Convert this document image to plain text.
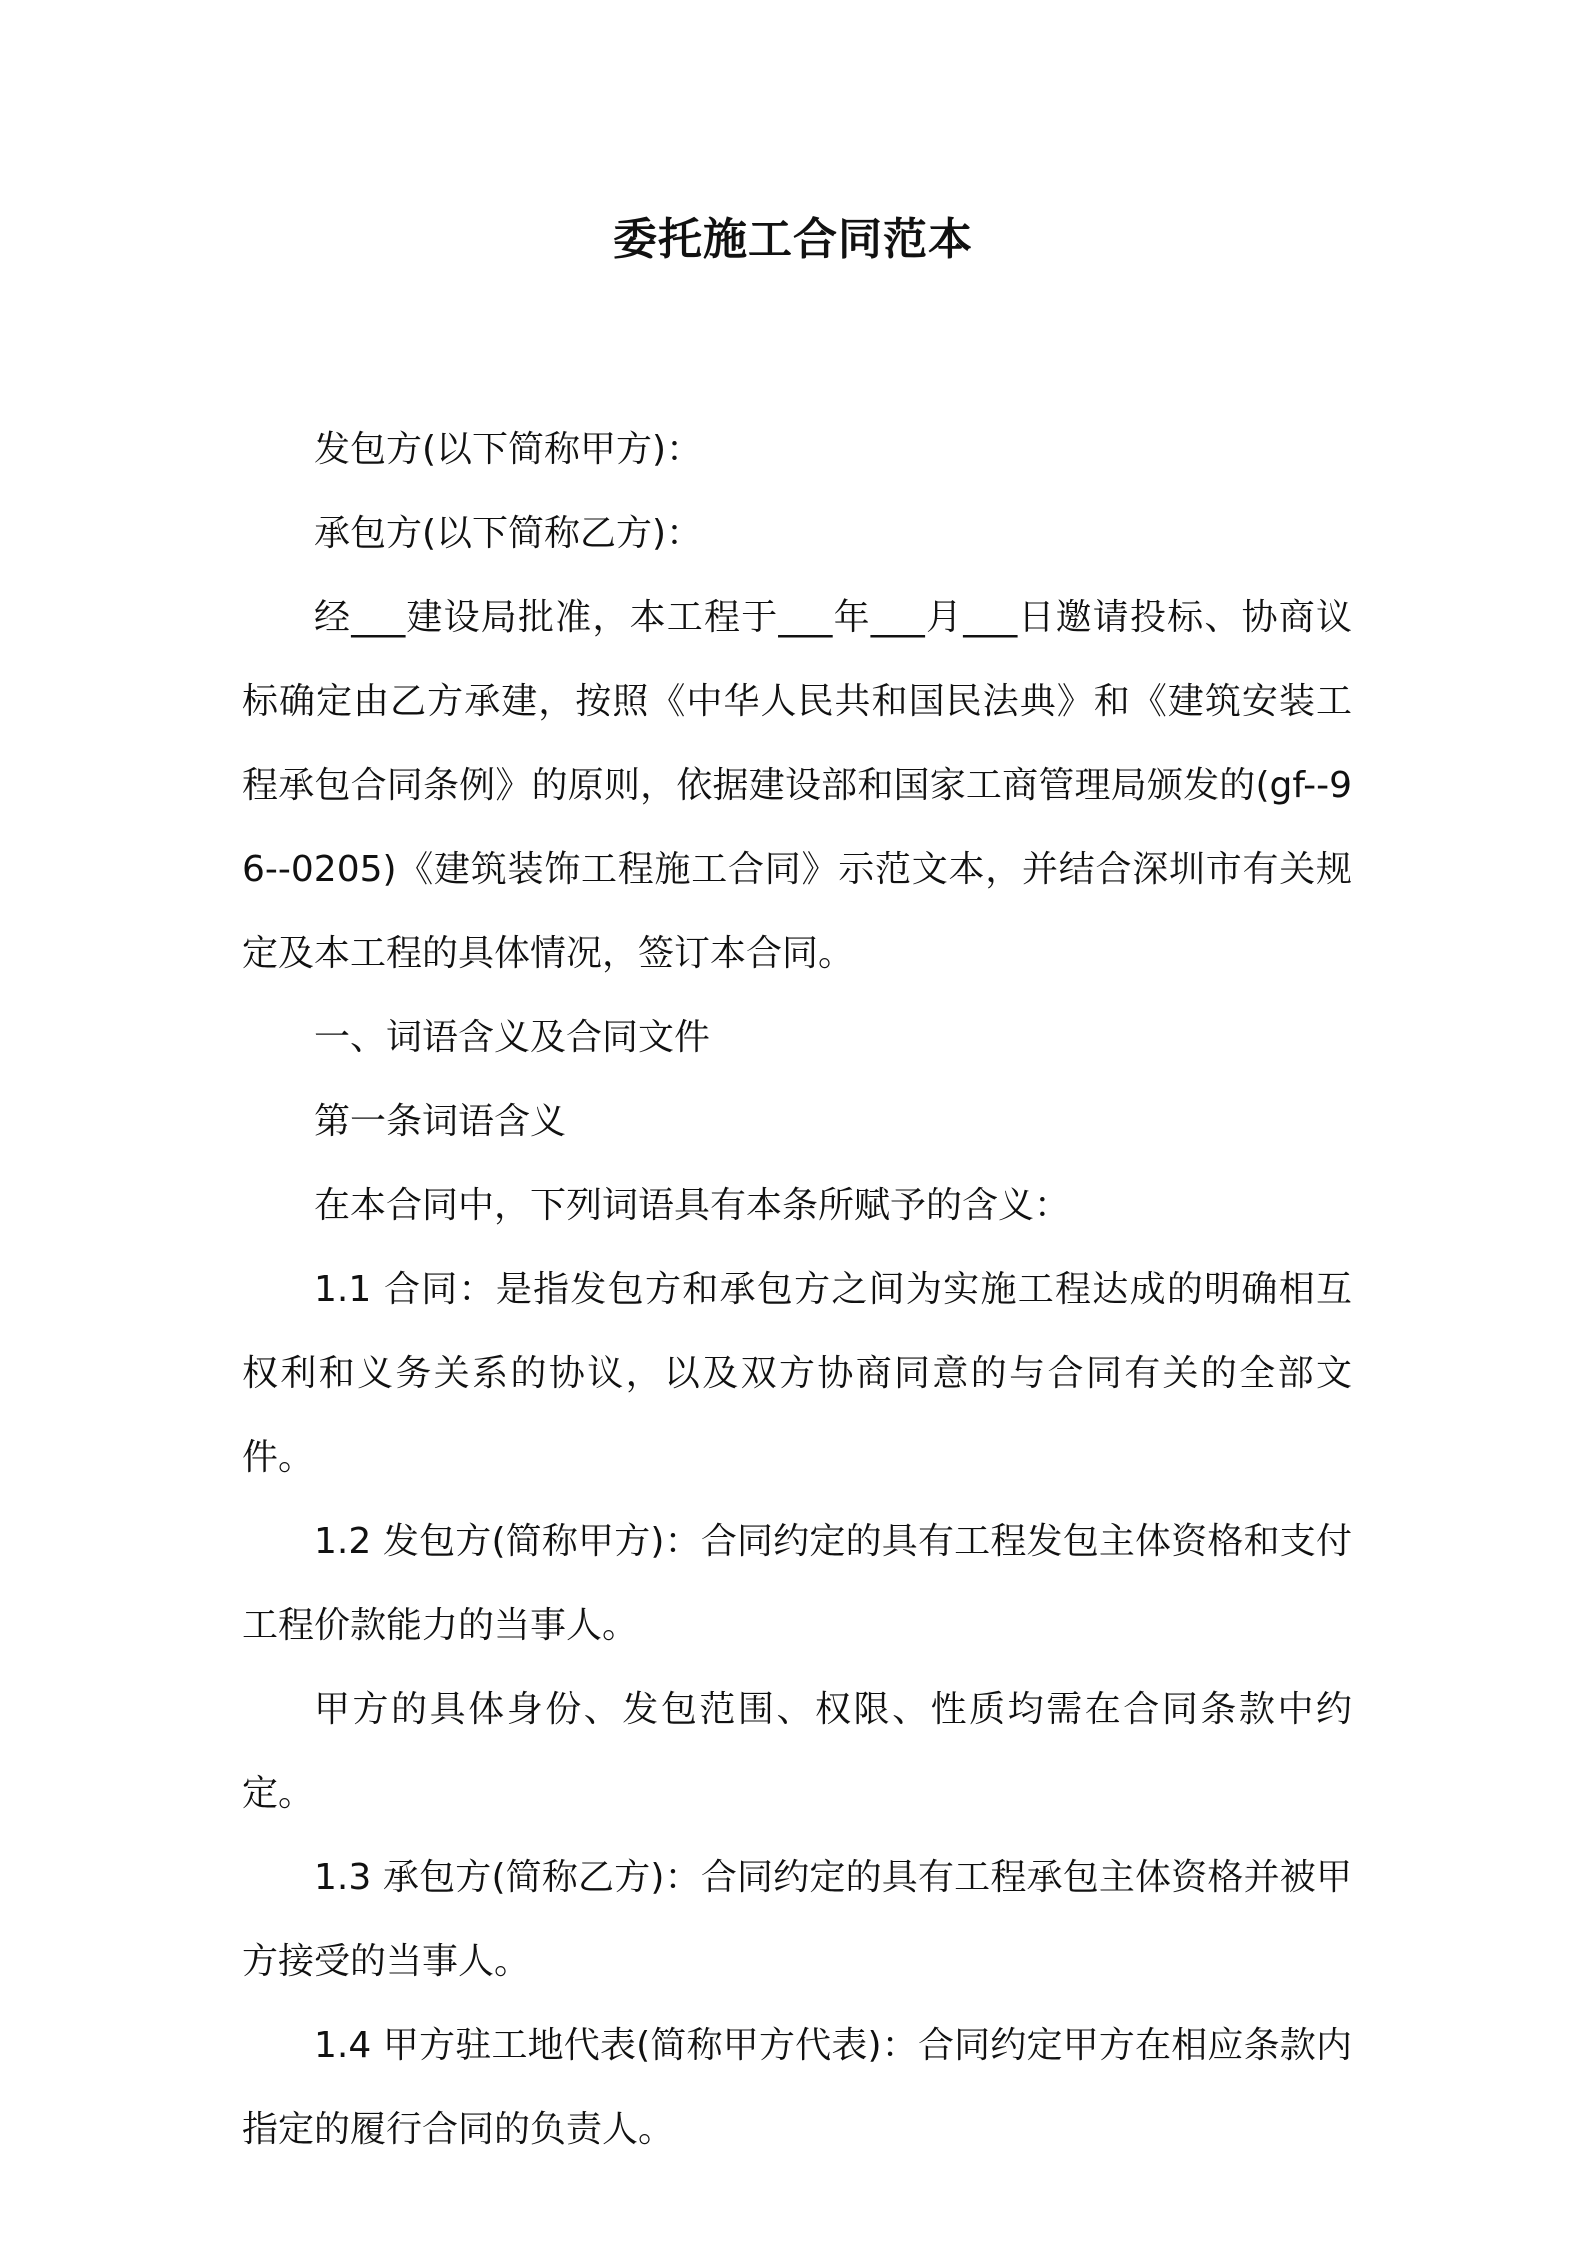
委托施工合同范本

发包方(以下简称甲方)：

承包方(以下简称乙方)：

经___建设局批准，本工程于___年___月___日邀请投标、协商议标确定由乙方承建，按照《中华人民共和国民法典》和《建筑安装工程承包合同条例》的原则，依据建设部和国家工商管理局颁发的(gf--96--0205)《建筑装饰工程施工合同》示范文本，并结合深圳市有关规定及本工程的具体情况，签订本合同。

一、词语含义及合同文件

第一条词语含义

在本合同中，下列词语具有本条所赋予的含义：

1.1 合同：是指发包方和承包方之间为实施工程达成的明确相互权利和义务关系的协议，以及双方协商同意的与合同有关的全部文件。

1.2 发包方(简称甲方)：合同约定的具有工程发包主体资格和支付工程价款能力的当事人。

甲方的具体身份、发包范围、权限、性质均需在合同条款中约定。

1.3 承包方(简称乙方)：合同约定的具有工程承包主体资格并被甲方接受的当事人。

1.4 甲方驻工地代表(简称甲方代表)：合同约定甲方在相应条款内指定的履行合同的负责人。
